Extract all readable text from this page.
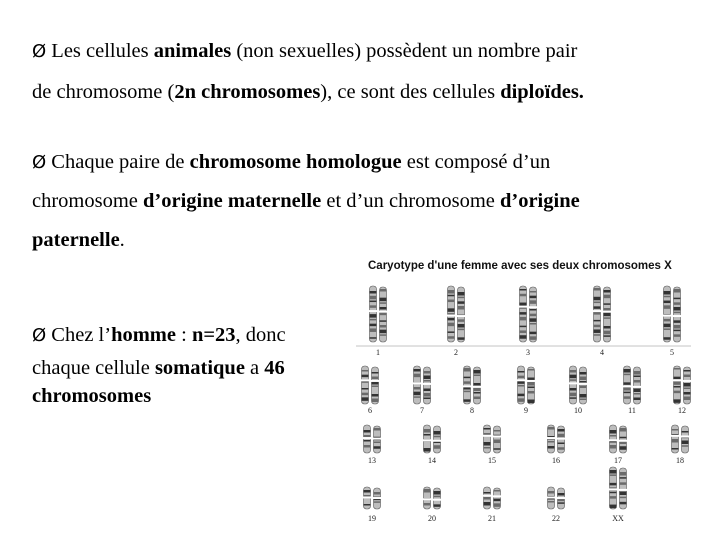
Ø Les cellules animales (non sexuelles) possèdent un nombre pair
de chromosome (2n chromosomes), ce sont des cellules diploïdes.
Ø Chaque paire de chromosome homologue est composé d’un
chromosome d’origine maternelle et d’un chromosome d’origine
paternelle.
Ø Chez l’homme : n=23, donc
chaque cellule somatique a 46
chromosomes
Caryotype d'une femme avec ses deux chromosomes X
1	2	3	4	5
6	7	8	9	10	11	12
13	14	15	16	17	18
19	20	21	22	XX
